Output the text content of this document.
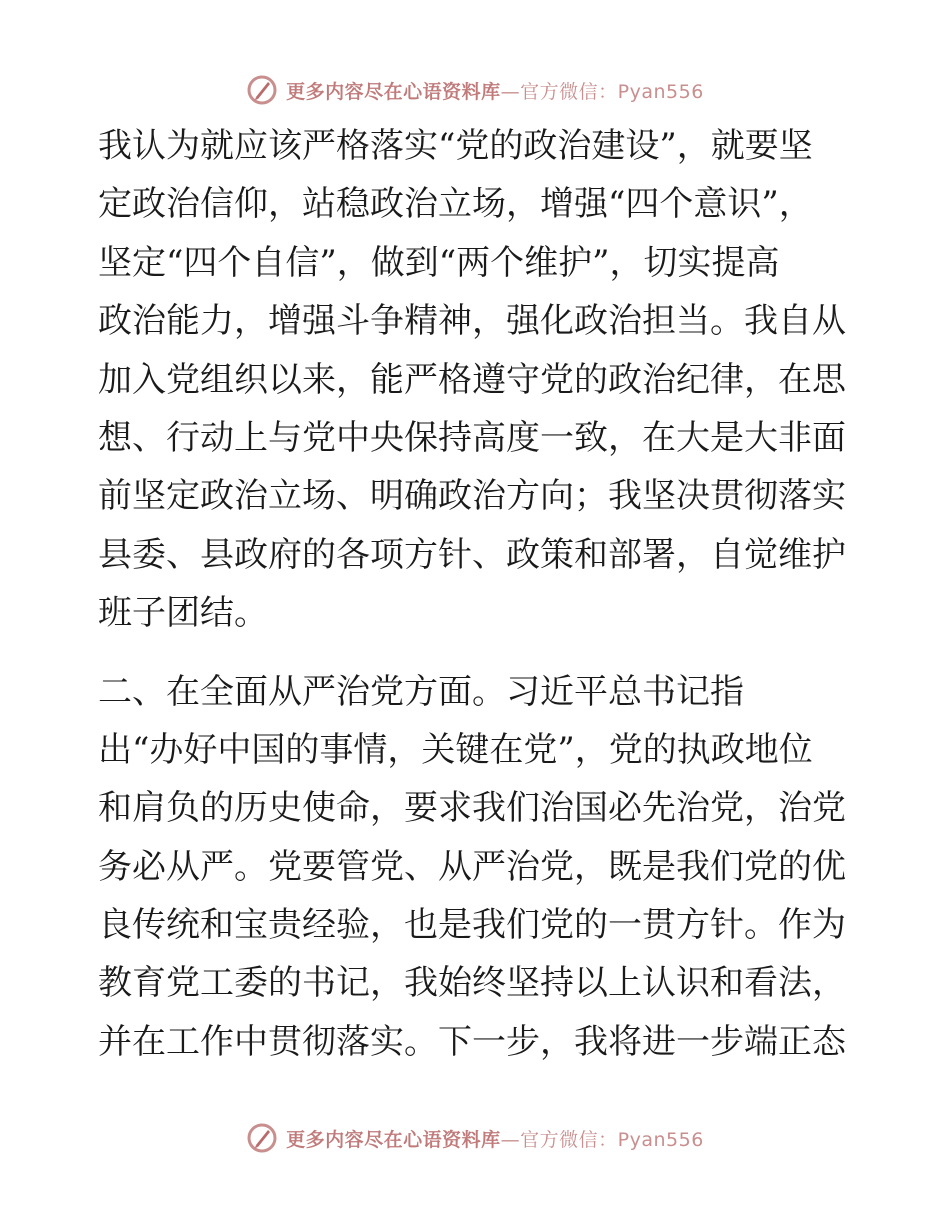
更多内容尽在心语资料库—官方微信：Pyan556
我认为就应该严格落实“党的政治建设”，就要坚
定政治信仰，站稳政治立场，增强“四个意识”，
坚定“四个自信”，做到“两个维护”，切实提高
政治能力，增强斗争精神，强化政治担当。我自从
加入党组织以来，能严格遵守党的政治纪律，在思
想、行动上与党中央保持高度一致，在大是大非面
前坚定政治立场、明确政治方向；我坚决贯彻落实
县委、县政府的各项方针、政策和部署，自觉维护
班子团结。
二、在全面从严治党方面。习近平总书记指
出“办好中国的事情，关键在党”，党的执政地位
和肩负的历史使命，要求我们治国必先治党，治党
务必从严。党要管党、从严治党，既是我们党的优
良传统和宝贵经验，也是我们党的一贯方针。作为
教育党工委的书记，我始终坚持以上认识和看法，
并在工作中贯彻落实。下一步，我将进一步端正态
更多内容尽在心语资料库—官方微信：Pyan556
